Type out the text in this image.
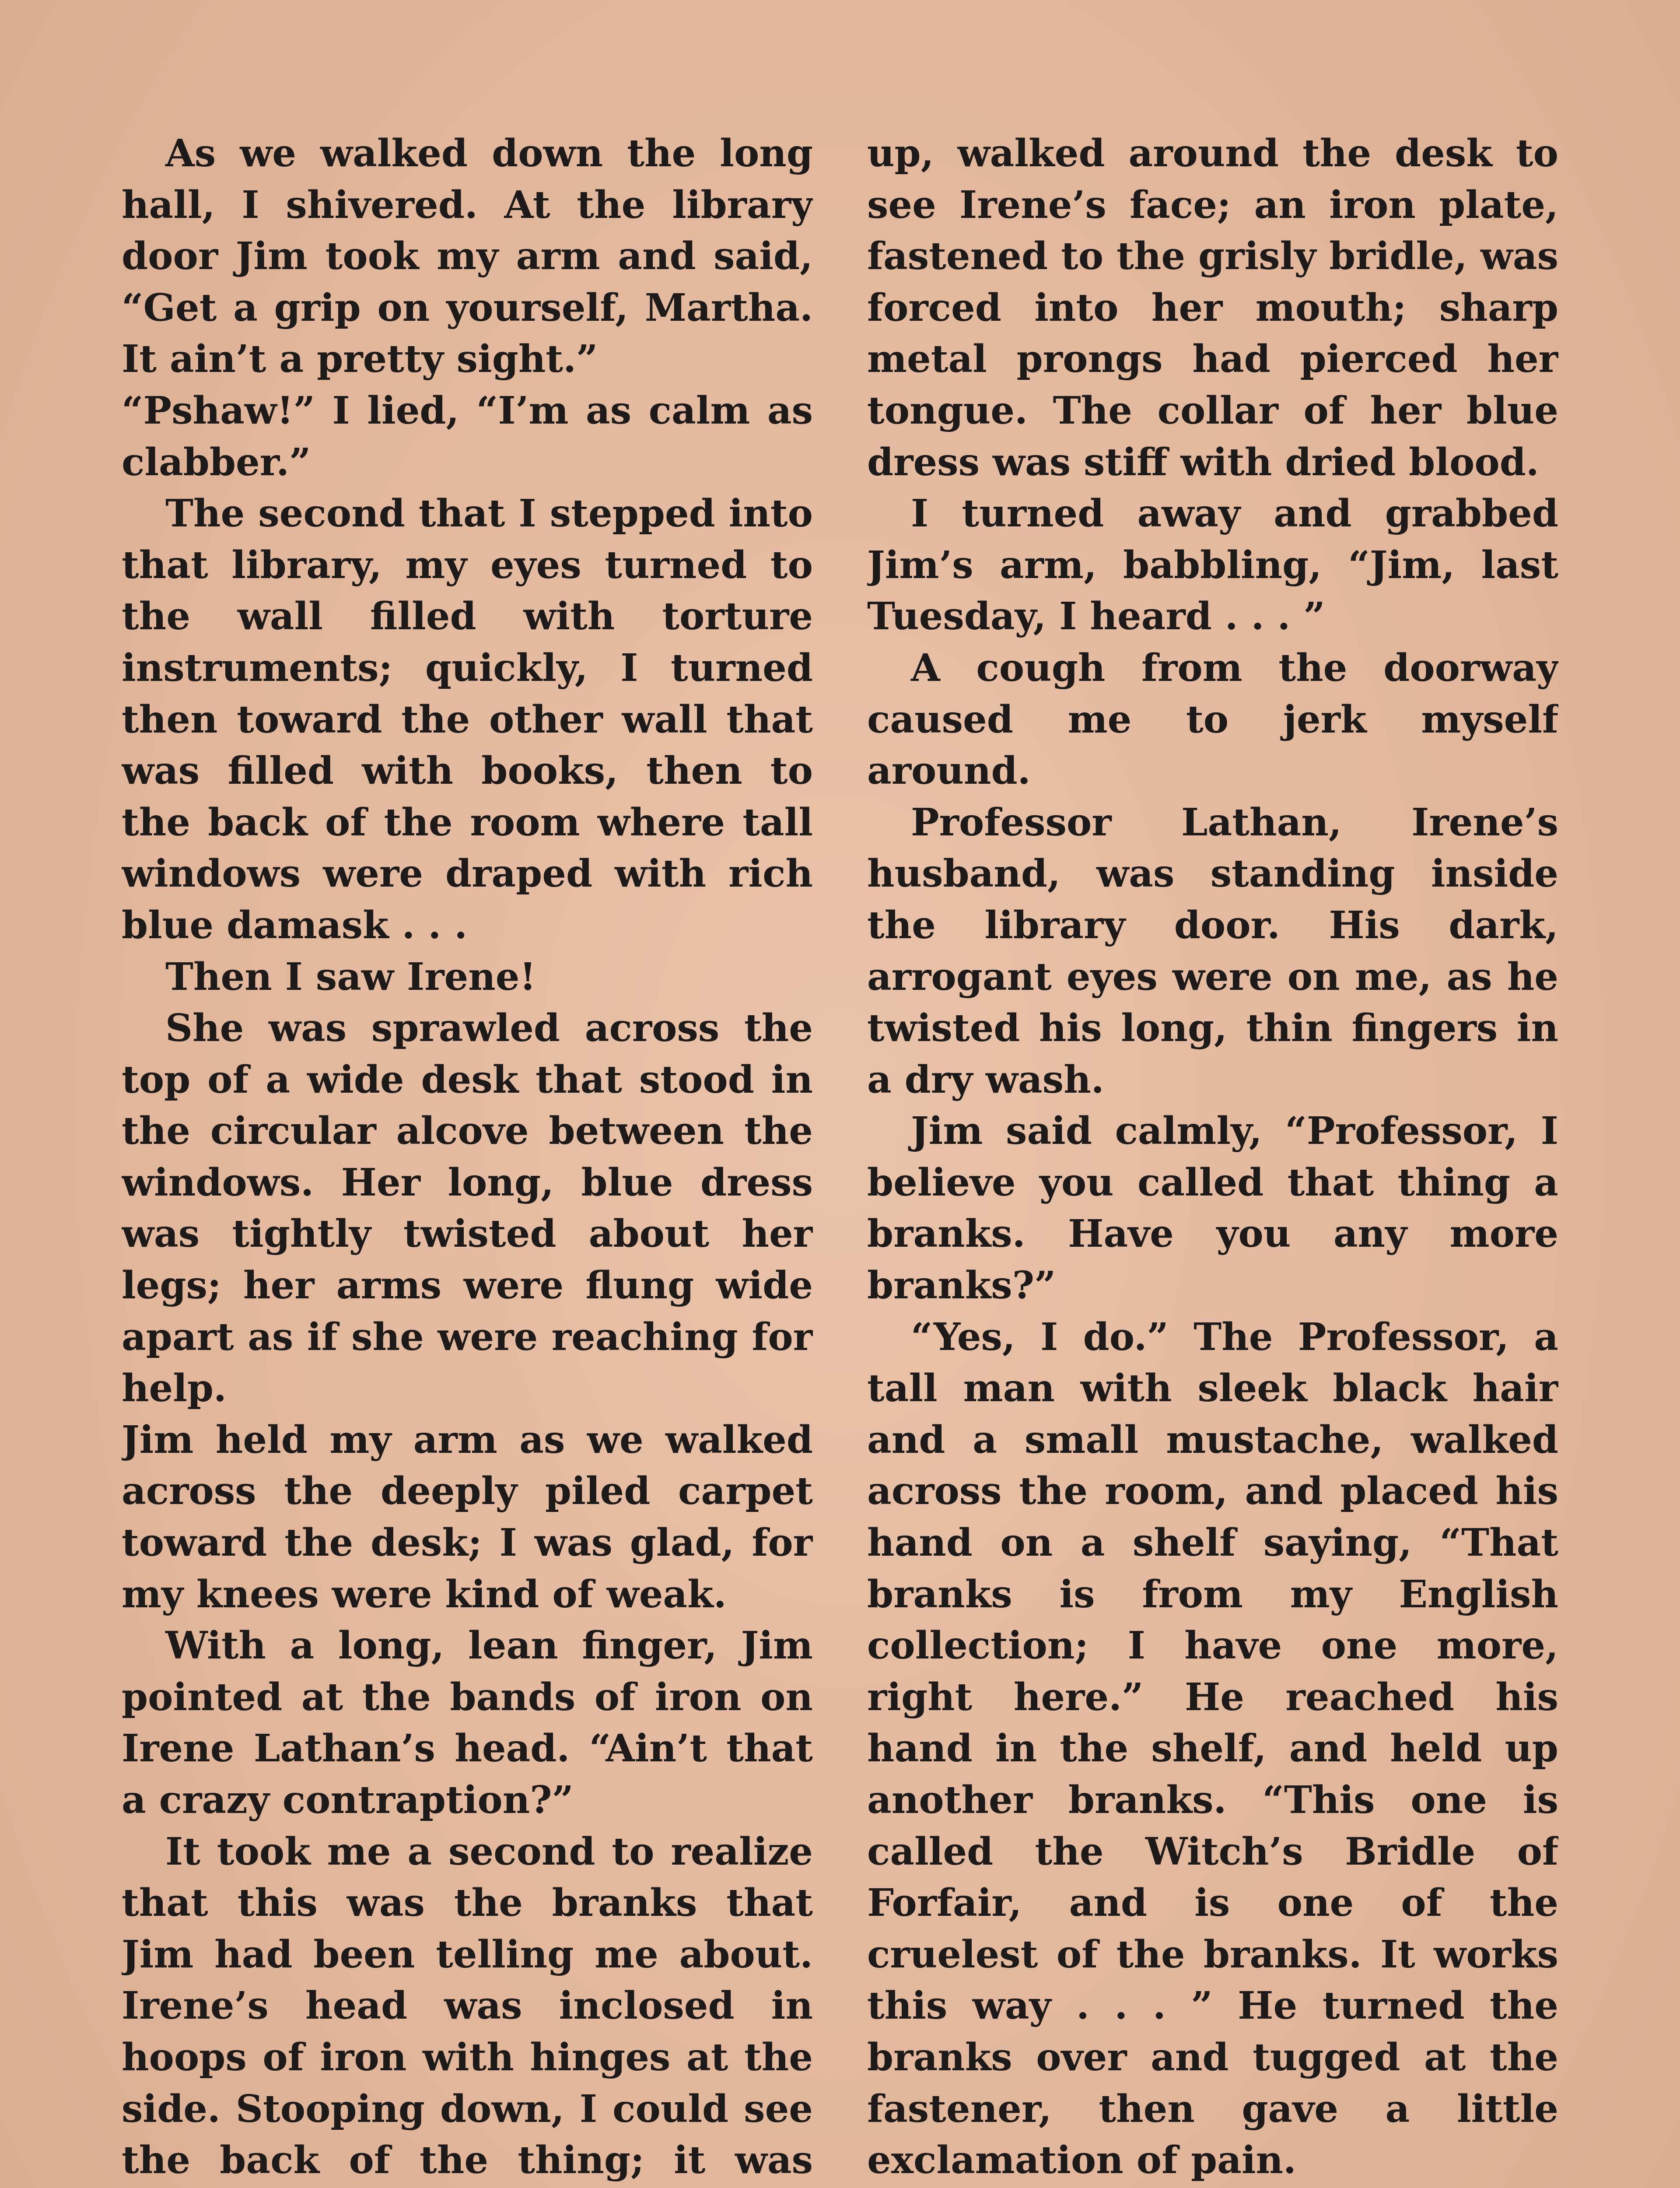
As we walked down the long hall, I shivered. At the library door Jim took my arm and said, “Get a grip on yourself, Martha. It ain’t a pretty sight.”

“Pshaw!” I lied, “I’m as calm as clabber.”

The second that I stepped into that library, my eyes turned to the wall filled with torture instruments; quickly, I turned then toward the other wall that was filled with books, then to the back of the room where tall windows were draped with rich blue damask . . .

Then I saw Irene!

She was sprawled across the top of a wide desk that stood in the circular alcove between the windows. Her long, blue dress was tightly twisted about her legs; her arms were flung wide apart as if she were reaching for help.

Jim held my arm as we walked across the deeply piled carpet toward the desk; I was glad, for my knees were kind of weak.

With a long, lean finger, Jim pointed at the bands of iron on Irene Lathan’s head. “Ain’t that a crazy contraption?”

It took me a second to realize that this was the branks that Jim had been telling me about. Irene’s head was inclosed in hoops of iron with hinges at the side. Stooping down, I could see the back of the thing; it was

up, walked around the desk to see Irene’s face; an iron plate, fastened to the grisly bridle, was forced into her mouth; sharp metal prongs had pierced her tongue. The collar of her blue dress was stiff with dried blood.

I turned away and grabbed Jim’s arm, babbling, “Jim, last Tuesday, I heard . . . ”

A cough from the doorway caused me to jerk myself around.

Professor Lathan, Irene’s husband, was standing inside the library door. His dark, arrogant eyes were on me, as he twisted his long, thin fingers in a dry wash.

Jim said calmly, “Professor, I believe you called that thing a branks. Have you any more branks?”

“Yes, I do.” The Professor, a tall man with sleek black hair and a small mustache, walked across the room, and placed his hand on a shelf saying, “That branks is from my English collection; I have one more, right here.” He reached his hand in the shelf, and held up another branks. “This one is called the Witch’s Bridle of Forfair, and is one of the cruelest of the branks. It works this way . . . ” He turned the branks over and tugged at the fastener, then gave a little exclamation of pain.
